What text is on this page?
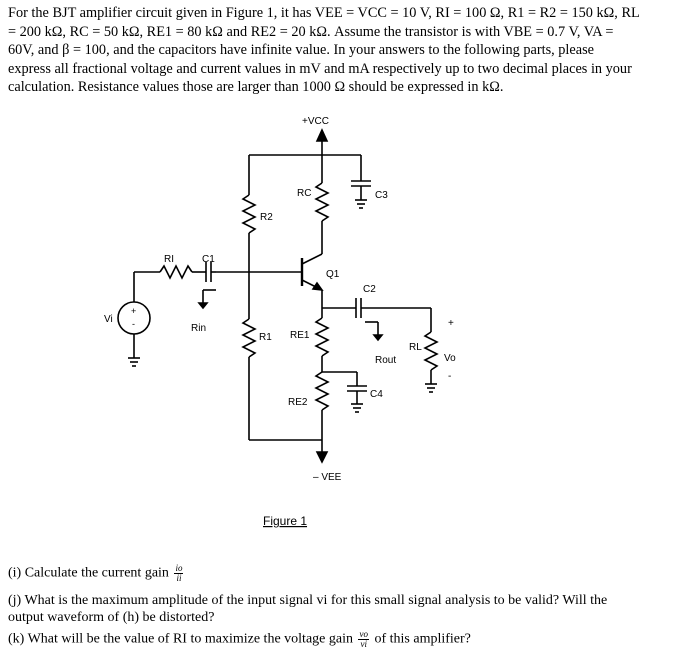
For the BJT amplifier circuit given in Figure 1, it has VEE = VCC = 10 V, RI = 100 Ω, R1 = R2 = 150 kΩ, RL
= 200 kΩ, RC = 50 kΩ, RE1 = 80 kΩ and RE2 = 20 kΩ. Assume the transistor is with VBE = 0.7 V, VA =
60V, and β = 100, and the capacitors have infinite value. In your answers to the following parts, please
express all fractional voltage and current values in mV and mA respectively up to two decimal places in your
calculation. Resistance values those are larger than 1000 Ω should be expressed in kΩ.
+VCC
RC	C3
R2
RI	C1
Q1
C2
Vi
+
-	Rin
R1 RE1
RL
+
Vo
-
Rout
C4
RE2
– VEE
Figure 1
(i) Calculate the current gain $\frac{io}{ii}$
(j) What is the maximum amplitude of the input signal vi for this small signal analysis to be valid? Will the
output waveform of (h) be distorted?
(k) What will be the value of RI to maximize the voltage gain $\frac{vo}{vi}$ of this amplifier?
